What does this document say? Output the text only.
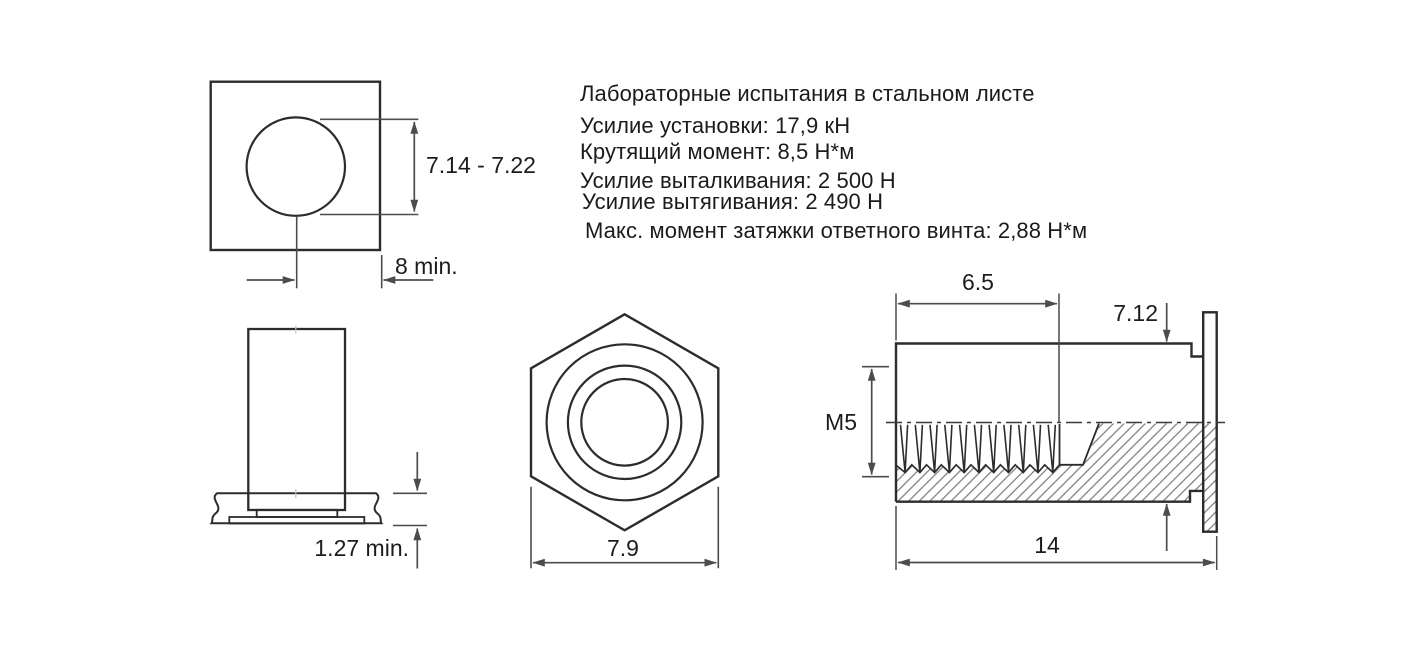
7.14 - 7.22
8 min.
1.27 min.	7.9
6.5
7.12
M5
14
Лабораторные испытания в стальном листе
Усилие установки: 17,9 кН
Крутящий момент: 8,5 Н*м
Усилие выталкивания: 2 500 Н
Усилие вытягивания: 2 490 Н
Макс. момент затяжки ответного винта: 2,88 Н*м
